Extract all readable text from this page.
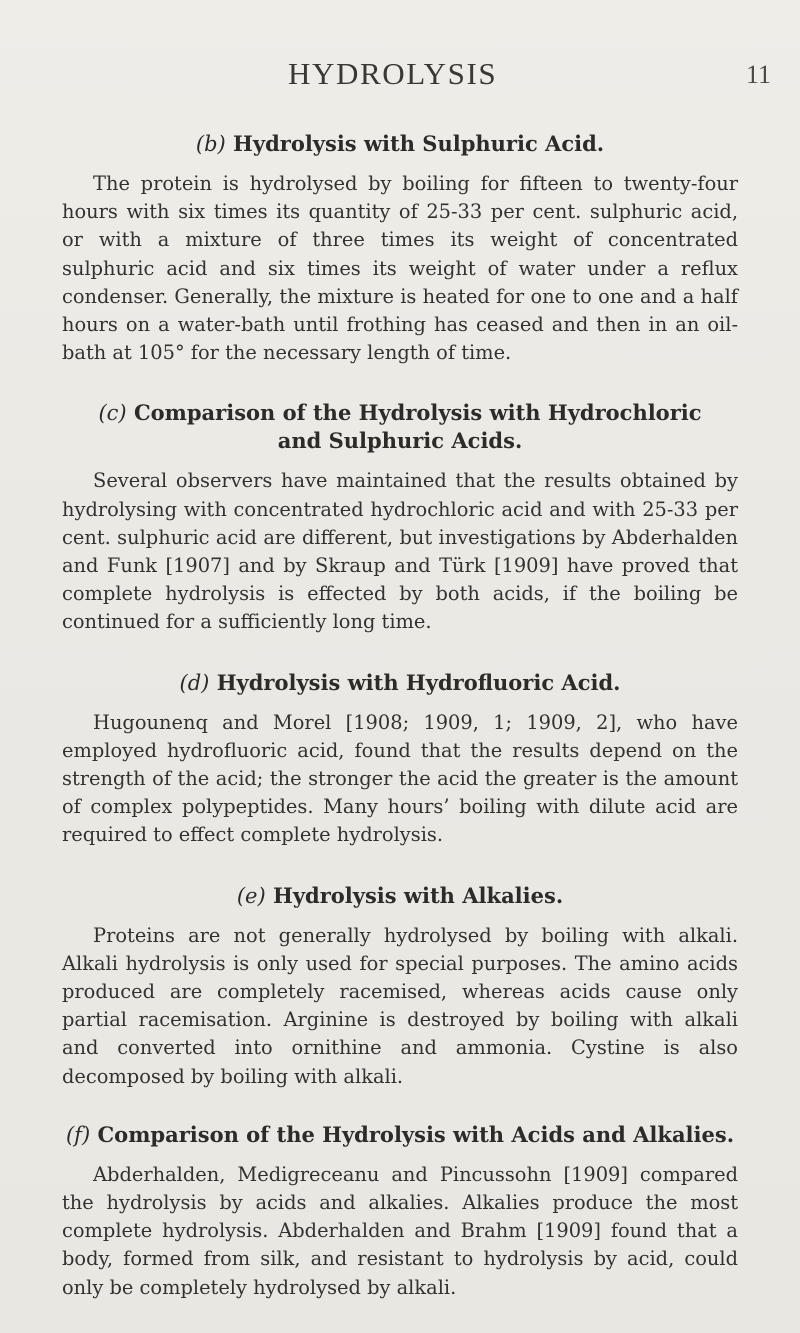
HYDROLYSIS	11
(b) Hydrolysis with Sulphuric Acid.

The protein is hydrolysed by boiling for fifteen to twenty-four hours with six times its quantity of 25-33 per cent. sulphuric acid, or with a mixture of three times its weight of concentrated sulphuric acid and six times its weight of water under a reflux condenser. Generally, the mixture is heated for one to one and a half hours on a water-bath until frothing has ceased and then in an oil-bath at 105° for the necessary length of time.

(c) Comparison of the Hydrolysis with Hydrochloric and Sulphuric Acids.

Several observers have maintained that the results obtained by hydrolysing with concentrated hydrochloric acid and with 25-33 per cent. sulphuric acid are different, but investigations by Abderhalden and Funk [1907] and by Skraup and Türk [1909] have proved that complete hydrolysis is effected by both acids, if the boiling be continued for a sufficiently long time.

(d) Hydrolysis with Hydrofluoric Acid.

Hugounenq and Morel [1908; 1909, 1; 1909, 2], who have employed hydrofluoric acid, found that the results depend on the strength of the acid; the stronger the acid the greater is the amount of complex polypeptides. Many hours’ boiling with dilute acid are required to effect complete hydrolysis.

(e) Hydrolysis with Alkalies.

Proteins are not generally hydrolysed by boiling with alkali. Alkali hydrolysis is only used for special purposes. The amino acids produced are completely racemised, whereas acids cause only partial racemisation. Arginine is destroyed by boiling with alkali and converted into ornithine and ammonia. Cystine is also decomposed by boiling with alkali.

(f) Comparison of the Hydrolysis with Acids and Alkalies.

Abderhalden, Medigreceanu and Pincussohn [1909] compared the hydrolysis by acids and alkalies. Alkalies produce the most complete hydrolysis. Abderhalden and Brahm [1909] found that a body, formed from silk, and resistant to hydrolysis by acid, could only be completely hydrolysed by alkali.
